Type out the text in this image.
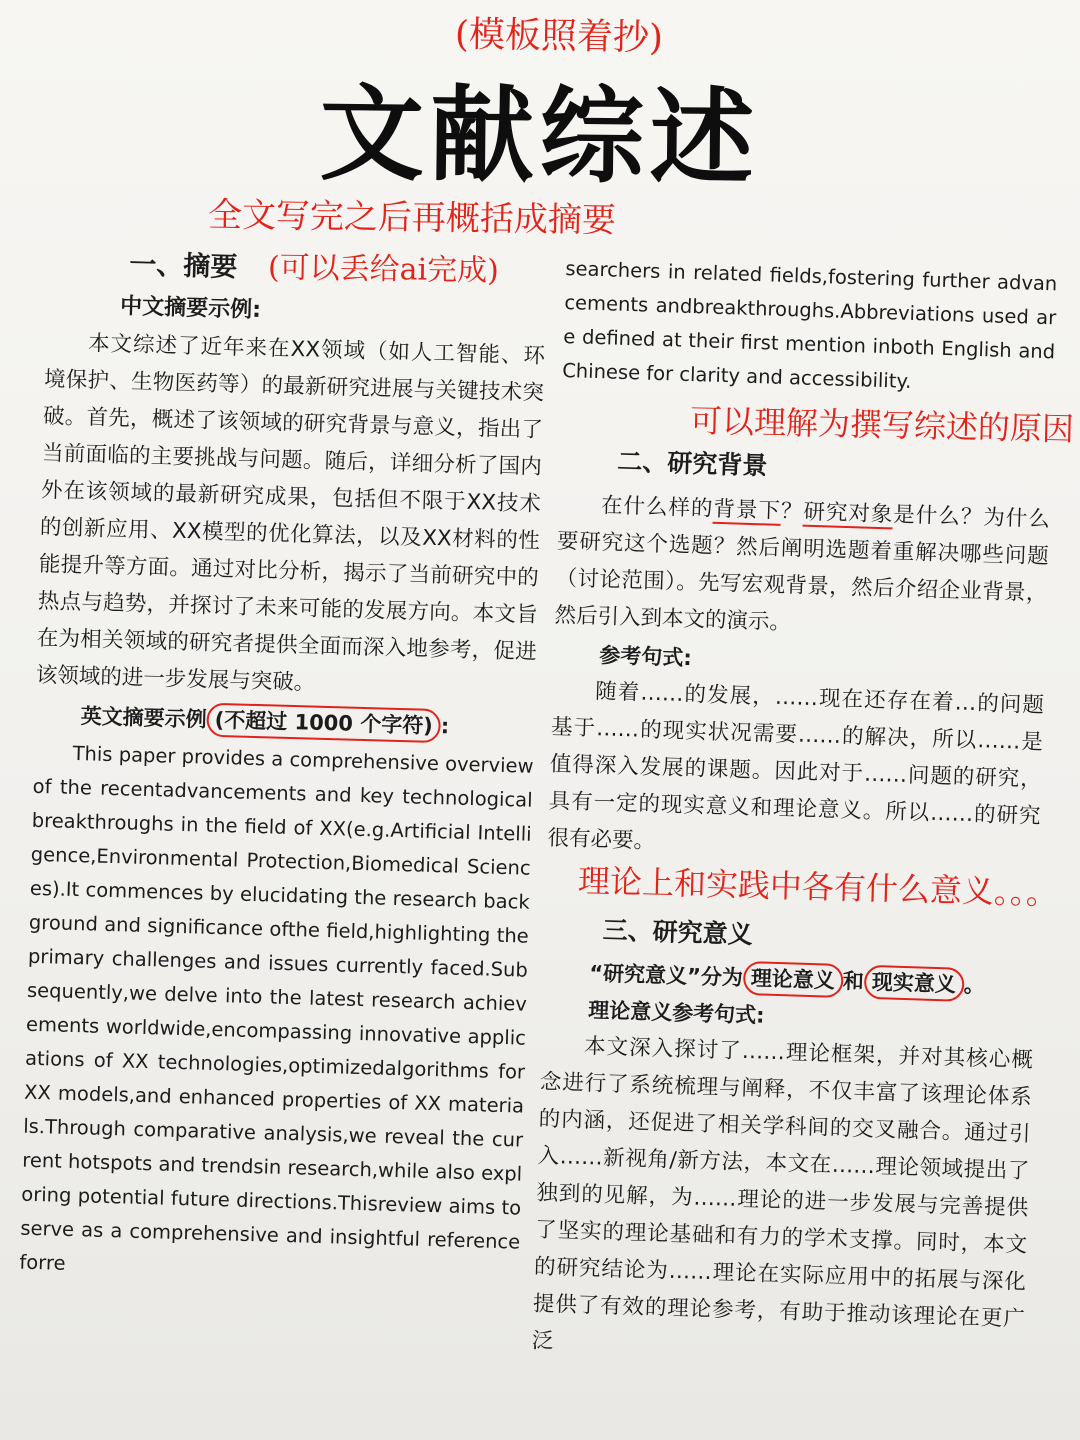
(模板照着抄)
文献综述
全文写完之后再概括成摘要
(可以丢给ai完成)
可以理解为撰写综述的原因
理论上和实践中各有什么意义。。。
一、摘要
中文摘要示例:

本文综述了近年来在XX领域（如人工智能、环境保护、生物医药等）的最新研究进展与关键技术突破。首先，概述了该领域的研究背景与意义，指出了当前面临的主要挑战与问题。随后，详细分析了国内外在该领域的最新研究成果，包括但不限于XX技术的创新应用、XX模型的优化算法，以及XX材料的性能提升等方面。通过对比分析，揭示了当前研究中的热点与趋势，并探讨了未来可能的发展方向。本文旨在为相关领域的研究者提供全面而深入地参考，促进该领域的进一步发展与突破。

英文摘要示例 (不超过 1000 个字符) :

This paper provides a comprehensive overview of the recentadvancements and key technological breakthroughs in the field of XX(e.g.Artificial Intelligence,Environmental Protection,Biomedical Sciences).It commences by elucidating the research background and significance ofthe field,highlighting the primary challenges and issues currently faced.Subsequently,we delve into the latest research achievements worldwide,encompassing innovative applications of XX technologies,optimizedalgorithms for XX models,and enhanced properties of XX materials.Through comparative analysis,we reveal the current hotspots and trendsin research,while also exploring potential future directions.Thisreview aims to serve as a comprehensive and insightful reference forre

searchers in related fields,fostering further advancements andbreakthroughs.Abbreviations used are defined at their first mention inboth English and Chinese for clarity and accessibility.

二、研究背景

在什么样的背景下？研究对象是什么？为什么要研究这个选题？然后阐明选题着重解决哪些问题（讨论范围）。先写宏观背景，然后介绍企业背景，然后引入到本文的演示。

参考句式:

随着……的发展，……现在还存在着…的问题基于……的现实状况需要……的解决，所以……是值得深入发展的课题。因此对于……问题的研究，具有一定的现实意义和理论意义。所以……的研究很有必要。

三、研究意义
“研究意义”分为 理论意义 和 现实意义 。
理论意义参考句式:

本文深入探讨了……理论框架，并对其核心概念进行了系统梳理与阐释，不仅丰富了该理论体系的内涵，还促进了相关学科间的交叉融合。通过引入……新视角/新方法，本文在……理论领域提出了独到的见解，为……理论的进一步发展与完善提供了坚实的理论基础和有力的学术支撑。同时，本文的研究结论为……理论在实际应用中的拓展与深化提供了有效的理论参考，有助于推动该理论在更广泛
